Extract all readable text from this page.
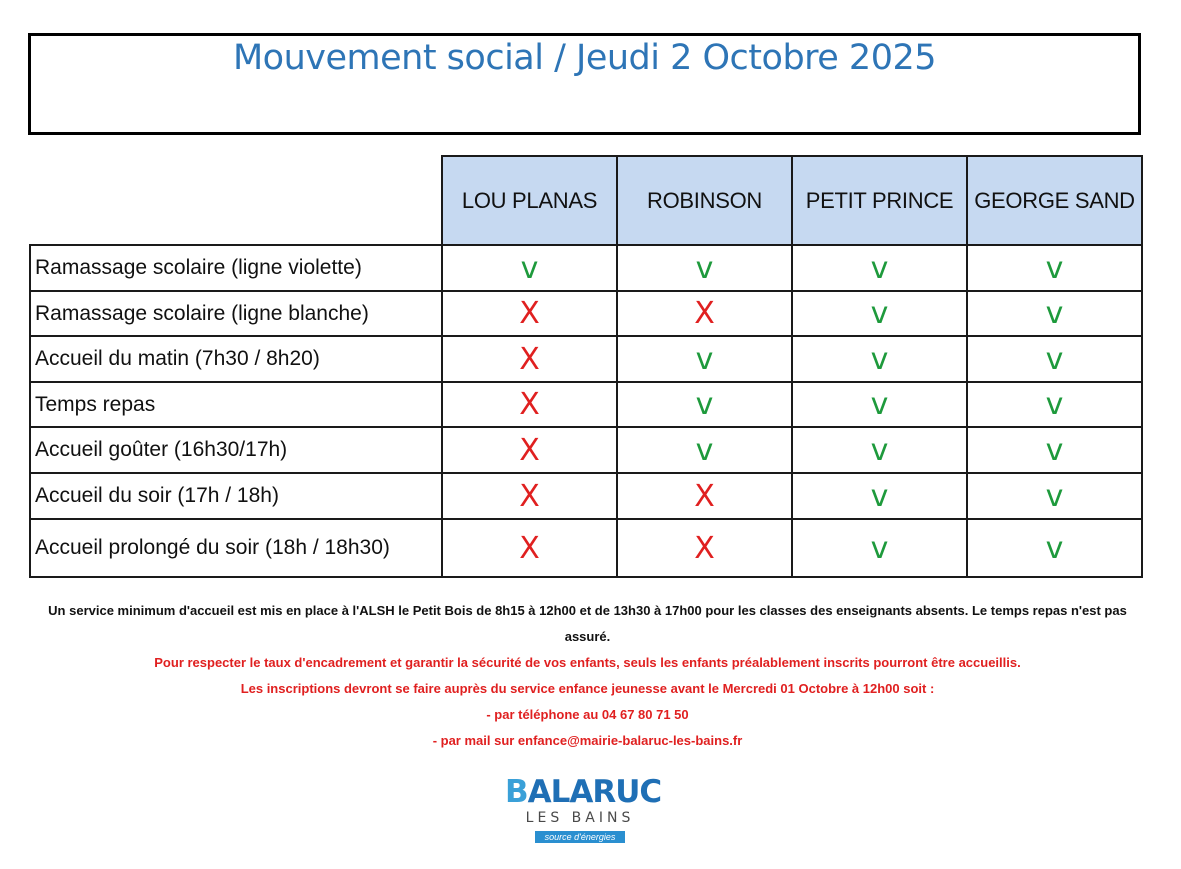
Mouvement social / Jeudi 2 Octobre 2025
	LOU PLANAS	ROBINSON	PETIT PRINCE	GEORGE SAND
Ramassage scolaire (ligne violette)	v	v	v	v
Ramassage scolaire (ligne blanche)	X	X	v	v
Accueil du matin (7h30 / 8h20)	X	v	v	v
Temps repas	X	v	v	v
Accueil goûter (16h30/17h)	X	v	v	v
Accueil du soir (17h / 18h)	X	X	v	v
Accueil prolongé du soir (18h / 18h30)	X	X	v	v

Un service minimum d'accueil est mis en place à l'ALSH le Petit Bois de 8h15 à 12h00 et de 13h30 à 17h00 pour les classes des enseignants absents. Le temps repas n'est pas assuré.

Pour respecter le taux d'encadrement et garantir la sécurité de vos enfants, seuls les enfants préalablement inscrits pourront être accueillis.

Les inscriptions devront se faire auprès du service enfance jeunesse avant le Mercredi 01 Octobre à 12h00 soit :

- par téléphone au 04 67 80 71 50

- par mail sur enfance@mairie-balaruc-les-bains.fr

BALARUC
LES BAINS
source d'énergies
